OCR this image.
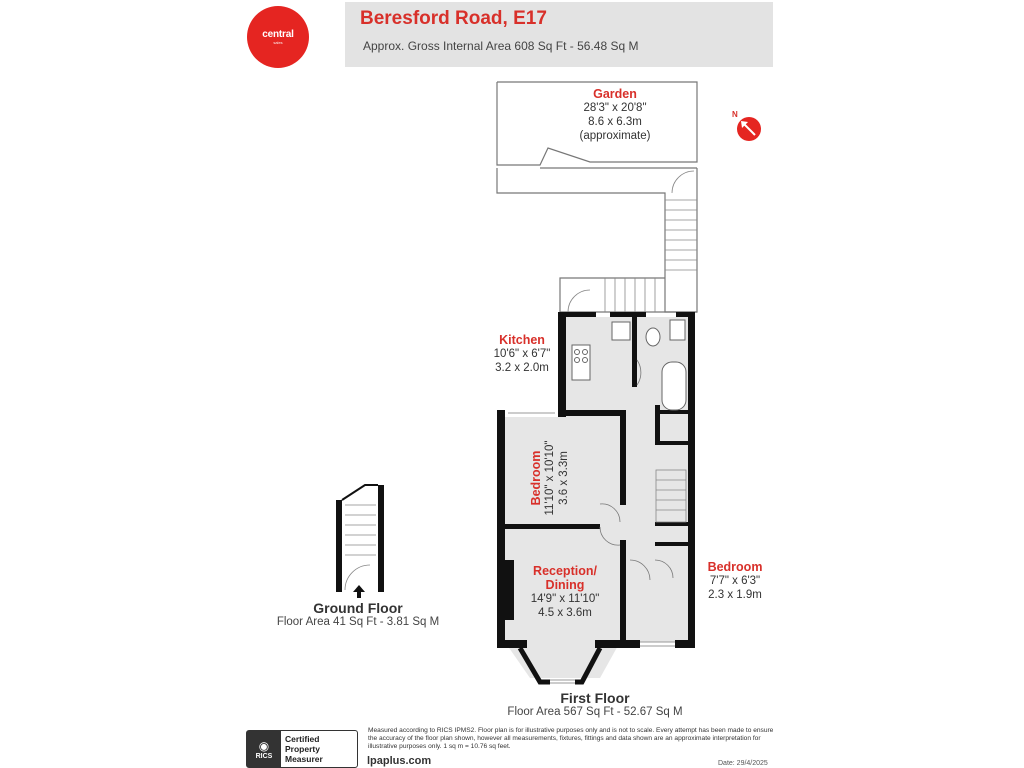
central
sales
Beresford Road, E17
Approx. Gross Internal Area 608 Sq Ft - 56.48 Sq M
N
Garden
28'3" x 20'8"
8.6 x 6.3m
(approximate)
Kitchen
10'6" x 6'7"
3.2 x 2.0m
Bedroom 11'10" x 10'10" 3.6 x 3.3m
Bedroom
7'7" x 6'3"
2.3 x 1.9m
Reception/
Dining
14'9" x 11'10"
4.5 x 3.6m
Ground Floor
Floor Area 41 Sq Ft - 3.81 Sq M
First Floor
Floor Area 567 Sq Ft - 52.67 Sq M
◉
RICS
Certified
Property
Measurer
Measured according to RICS IPMS2. Floor plan is for illustrative purposes only and is not to scale. Every attempt has been made to ensure the accuracy of the floor plan shown, however all measurements, fixtures, fittings and data shown are an approximate interpretation for illustrative purposes only. 1 sq m = 10.76 sq feet.
lpaplus.com	Date: 29/4/2025
